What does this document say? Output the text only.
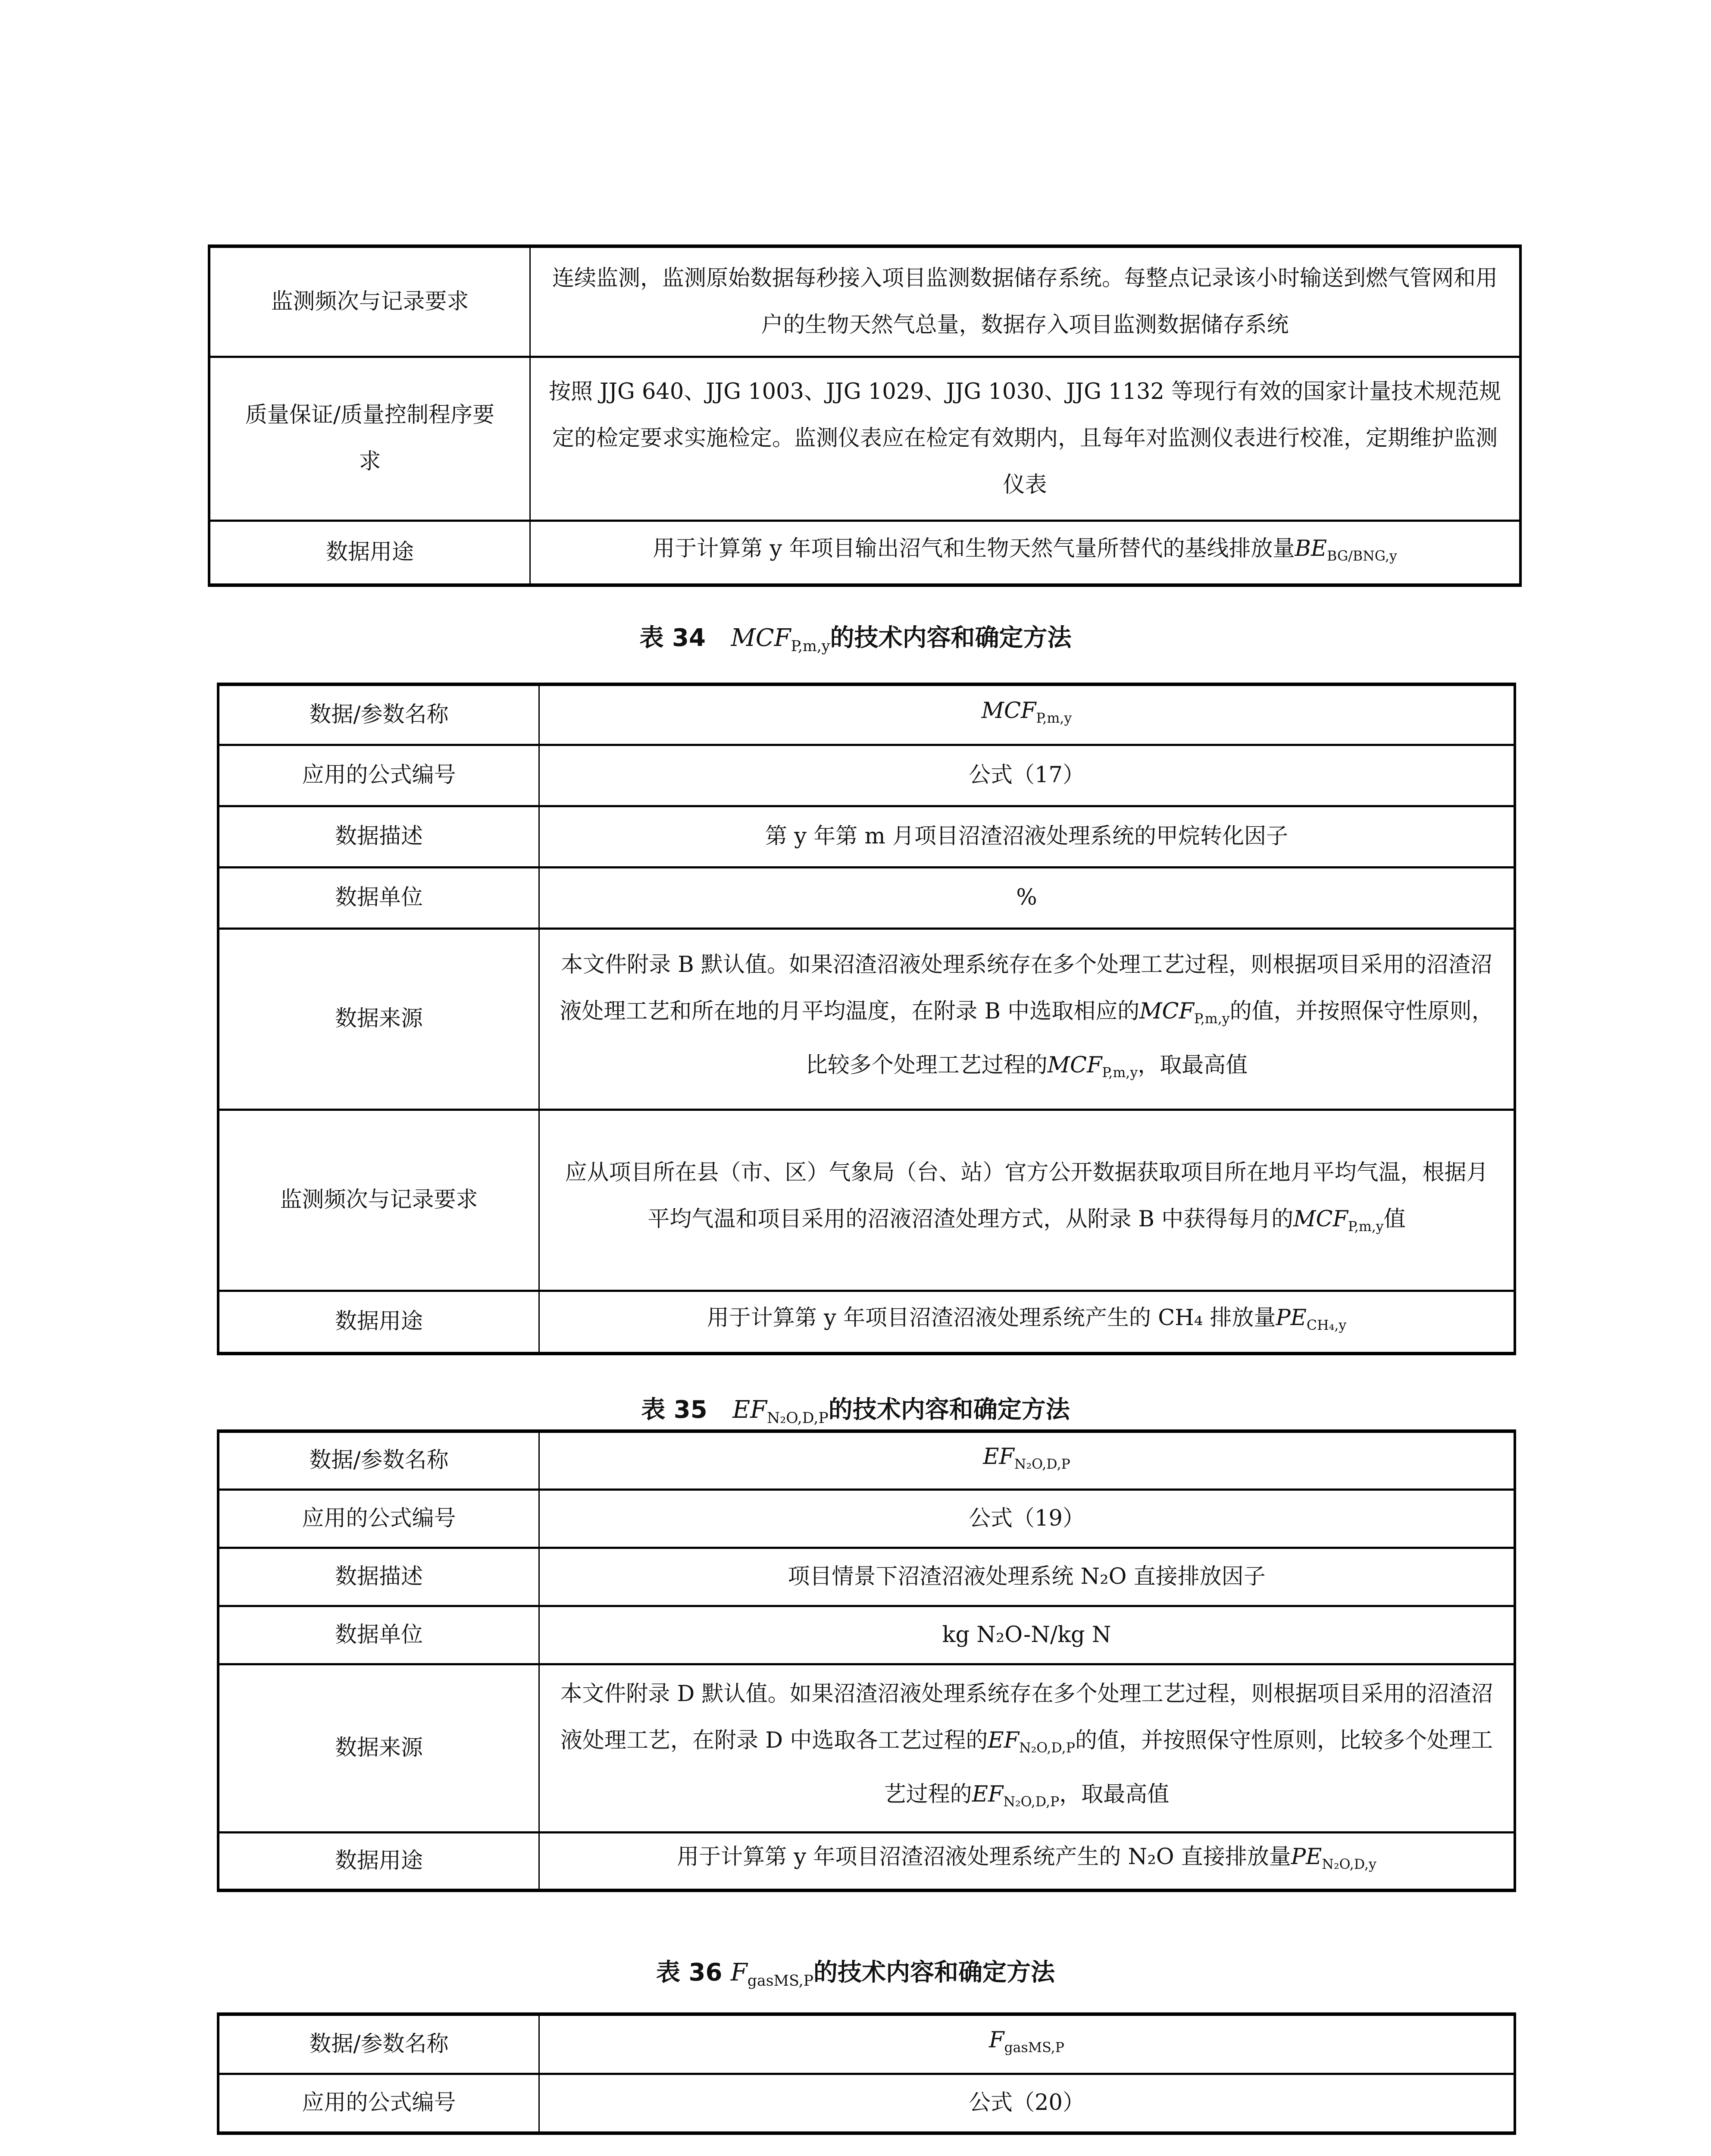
监测频次与记录要求	连续监测，监测原始数据每秒接入项目监测数据储存系统。每整点记录该小时输送到燃气管网和用户的生物天然气总量，数据存入项目监测数据储存系统
质量保证/质量控制程序要求	按照 JJG 640、JJG 1003、JJG 1029、JJG 1030、JJG 1132 等现行有效的国家计量技术规范规定的检定要求实施检定。监测仪表应在检定有效期内，且每年对监测仪表进行校准，定期维护监测仪表
数据用途	用于计算第 y 年项目输出沼气和生物天然气量所替代的基线排放量$BE_{BG/BNG,y}$
表 34 $MCF_{P,m,y}$的技术内容和确定方法
数据/参数名称	$MCF_{P,m,y}$
应用的公式编号	公式（17）
数据描述	第 y 年第 m 月项目沼渣沼液处理系统的甲烷转化因子
数据单位	%
数据来源	本文件附录 B 默认值。如果沼渣沼液处理系统存在多个处理工艺过程，则根据项目采用的沼渣沼液处理工艺和所在地的月平均温度，在附录 B 中选取相应的$MCF_{P,m,y}$的值，并按照保守性原则，比较多个处理工艺过程的$MCF_{P,m,y}$，取最高值
监测频次与记录要求	应从项目所在县（市、区）气象局（台、站）官方公开数据获取项目所在地月平均气温，根据月平均气温和项目采用的沼液沼渣处理方式，从附录 B 中获得每月的$MCF_{P,m,y}$值
数据用途	用于计算第 y 年项目沼渣沼液处理系统产生的 CH₄ 排放量$PE_{CH_4,y}$
表 35 $EF_{N_2O,D,P}$的技术内容和确定方法
数据/参数名称	$EF_{N_2O,D,P}$
应用的公式编号	公式（19）
数据描述	项目情景下沼渣沼液处理系统 N₂O 直接排放因子
数据单位	kg N₂O-N/kg N
数据来源	本文件附录 D 默认值。如果沼渣沼液处理系统存在多个处理工艺过程，则根据项目采用的沼渣沼液处理工艺，在附录 D 中选取各工艺过程的$EF_{N_2O,D,P}$的值，并按照保守性原则，比较多个处理工艺过程的$EF_{N_2O,D,P}$，取最高值
数据用途	用于计算第 y 年项目沼渣沼液处理系统产生的 N₂O 直接排放量$PE_{N_2O,D,y}$
表 36 $F_{gasMS,P}$的技术内容和确定方法
数据/参数名称	$F_{gasMS,P}$
应用的公式编号	公式（20）
